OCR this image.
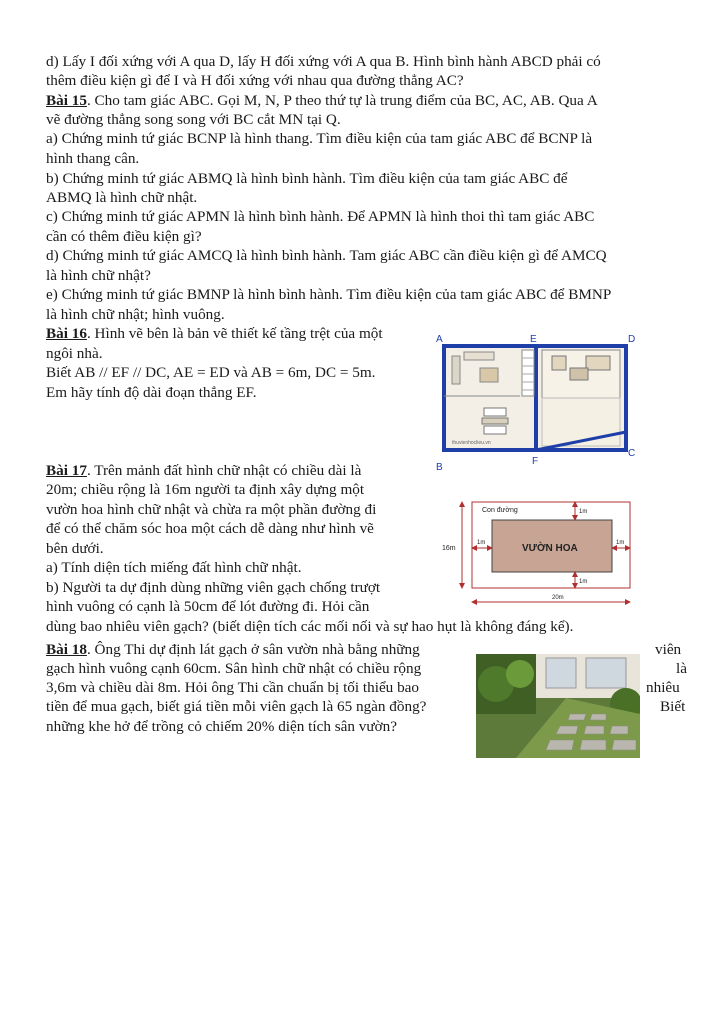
d) Lấy I đối xứng với A qua D, lấy H đối xứng với A qua B. Hình bình hành ABCD phải có
thêm điều kiện gì để I và H đối xứng với nhau qua đường thẳng AC?
Bài 15. Cho tam giác ABC. Gọi M, N, P theo thứ tự là trung điểm của BC, AC, AB. Qua A
vẽ đường thẳng song song với BC cắt MN tại Q.
a) Chứng minh tứ giác BCNP là hình thang. Tìm điều kiện của tam giác ABC để BCNP là
hình thang cân.
b) Chứng minh tứ giác ABMQ là hình bình hành. Tìm điều kiện của tam giác ABC để
ABMQ là hình chữ nhật.
c) Chứng minh tứ giác APMN là hình bình hành. Để APMN là hình thoi thì tam giác ABC
cần có thêm điều kiện gì?
d) Chứng minh tứ giác AMCQ là hình bình hành. Tam giác ABC cần điều kiện gì để AMCQ
là hình chữ nhật?
e) Chứng minh tứ giác BMNP là hình bình hành. Tìm điều kiện của tam giác ABC để BMNP
là hình chữ nhật; hình vuông.
Bài 16. Hình vẽ bên là bản vẽ thiết kế tầng trệt của một
ngôi nhà.
Biết AB // EF // DC, AE = ED và AB = 6m, DC = 5m.
Em hãy tính độ dài đoạn thẳng EF.
Bài 17. Trên mảnh đất hình chữ nhật có chiều dài là
20m; chiều rộng là 16m người ta định xây dựng một
vườn hoa hình chữ nhật và chừa ra một phần đường đi
để có thể chăm sóc hoa một cách dễ dàng như hình vẽ
bên dưới.
a) Tính diện tích miếng đất hình chữ nhật.
b) Người ta dự định dùng những viên gạch chống trượt
hình vuông có cạnh là 50cm để lót đường đi. Hỏi cần
dùng bao nhiêu viên gạch? (biết diện tích các mối nối và sự hao hụt là không đáng kể).
Bài 18. Ông Thi dự định lát gạch ở sân vườn nhà bằng những
gạch hình vuông cạnh 60cm. Sân hình chữ nhật có chiều rộng
3,6m và chiều dài 8m. Hỏi ông Thi cần chuẩn bị tối thiểu bao
tiền để mua gạch, biết giá tiền mỗi viên gạch là 65 ngàn đồng?
những khe hở để trồng cỏ chiếm 20% diện tích sân vườn?
viên
là
nhiêu
Biết
thuvienhoclieu.vn
A	E	D
B
F
C
Con đường
VƯỜN HOA
16m
20m
1m
1m
1m	1m
